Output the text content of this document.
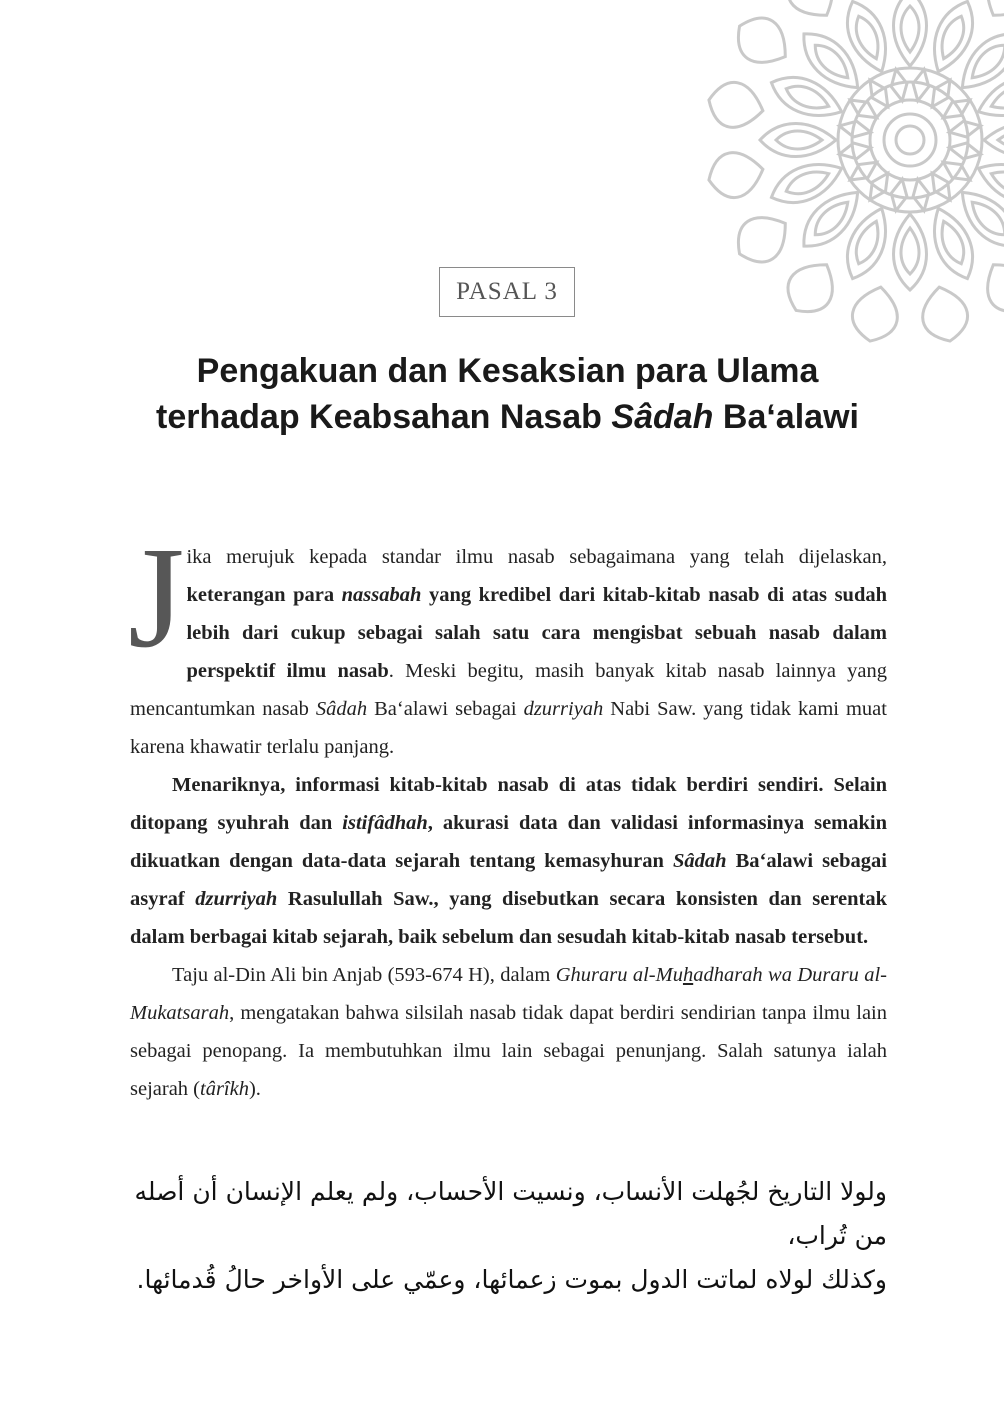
PASAL 3
Pengakuan dan Kesaksian para Ulama
terhadap Keabsahan Nasab Sâdah Ba‘alawi

Jika merujuk kepada standar ilmu nasab sebagaimana yang telah dijelaskan, keterangan para nassabah yang kredibel dari kitab-kitab nasab di atas sudah lebih dari cukup sebagai salah satu cara mengisbat sebuah nasab dalam perspektif ilmu nasab. Meski begitu, masih banyak kitab nasab lainnya yang mencantumkan nasab Sâdah Ba‘alawi sebagai dzurriyah Nabi Saw. yang tidak kami muat karena khawatir terlalu panjang.

Menariknya, informasi kitab-kitab nasab di atas tidak berdiri sendiri. Selain ditopang syuhrah dan istifâdhah, akurasi data dan validasi informasinya semakin dikuatkan dengan data-data sejarah tentang kemasyhuran Sâdah Ba‘alawi sebagai asyraf dzurriyah Rasulullah Saw., yang disebutkan secara konsisten dan serentak dalam berbagai kitab sejarah, baik sebelum dan sesudah kitab-kitab nasab tersebut.

Taju al-Din Ali bin Anjab (593-674 H), dalam Ghuraru al-Muhadharah wa Duraru al-Mukatsarah, mengatakan bahwa silsilah nasab tidak dapat berdiri sendirian tanpa ilmu lain sebagai penopang. Ia membutuhkan ilmu lain sebagai penunjang. Salah satunya ialah sejarah (târîkh).

ولولا التاريخ لجُهلت الأنساب، ونسيت الأحساب، ولم يعلم الإنسان أن أصله من تُراب،
وكذلك لولاه لماتت الدول بموت زعمائها، وعمّي على الأواخر حالُ قُدمائها.
